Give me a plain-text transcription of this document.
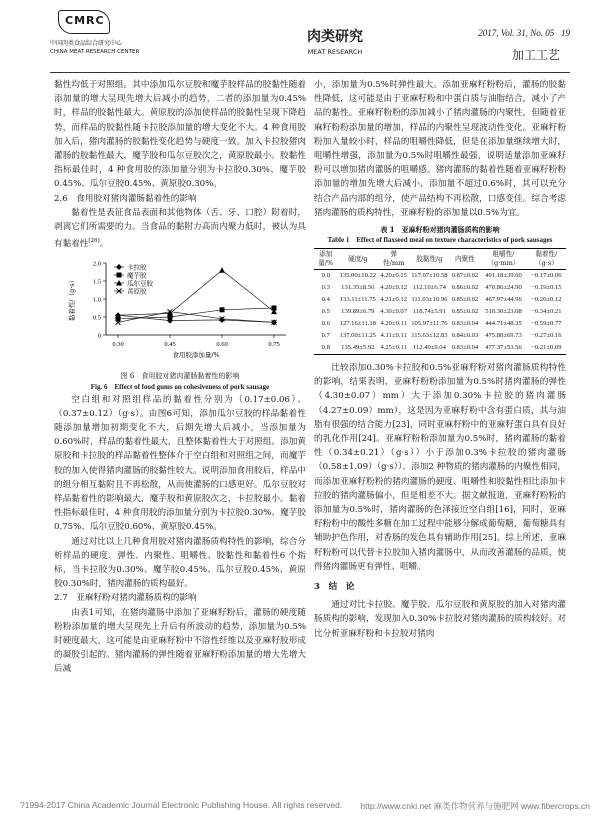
CMRC
中国肉类食品综合研究中心
CHINA MEAT RESEARCH CENTER
肉类研究
MEAT RESEARCH
2017, Vol. 31, No. 05 19
加工工艺

黏性均低于对照组。其中添加瓜尔豆胶和魔芋胶样品的胶黏性随着添加量的增大呈现先增大后减小的趋势，二者的添加量为0.45%时，样品的胶黏性最大。黄原胶的添加使样品的胶黏性呈现下降趋势，而样品的胶黏性随卡拉胶添加量的增大变化不大。4 种食用胶加入后，猪肉灌肠的胶黏性变化趋势与硬度一致。加入卡拉胶猪肉灌肠的胶黏性最大，魔芋胶和瓜尔豆胶次之，黄原胶最小。胶黏性指标最佳时，4 种食用胶的添加量分别为卡拉胶0.30%、魔芋胶0.45%、瓜尔豆胶0.45%、黄原胶0.30%。

2.6　食用胶对猪肉灌肠黏着性的影响

黏着性是表征食品表面和其他物体（舌、牙、口腔）附着时，剥离它们所需要的力。当食品的黏附力高而内聚力低时，被认为具有黏着性[26]。

0
0.5
1.0
1.5
2.0
0.30	0.45	0.60	0.75
食用胶添加量/%
黏着性/（g·s）
卡拉胶
魔芋胶
瓜尔豆胶
黄原胶

图 6　食用胶对猪肉灌肠黏着性的影响

Fig. 6　Effect of food gums on cohesiveness of pork sausage

空白组和对照组样品的黏着性分别为（0.17±0.06）、（0.37±0.12）（g·s）。由图6可知，添加瓜尔豆胶的样品黏着性随添加量增加初期变化不大，后期先增大后减小，当添加量为0.60%时，样品的黏着性最大，且整体黏着性大于对照组。添加黄原胶和卡拉胶的样品黏着性整体介于空白组和对照组之间，而魔芋胶的加入使得猪肉灌肠的胶黏性较大。说明添加食用胶后，样品中的组分相互黏附且不再松散，从而使灌肠的口感更好。瓜尔豆胶对样品黏着性的影响最大，魔芋胶和黄原胶次之，卡拉胶最小。黏着性指标最佳时，4 种食用胶的添加量分别为卡拉胶0.30%、魔芋胶0.75%、瓜尔豆胶0.60%、黄原胶0.45%。

通过对比以上几种食用胶对猪肉灌肠质构特性的影响，综合分析样品的硬度、弹性、内聚性、咀嚼性、胶黏性和黏着性6 个指标，当卡拉胶为0.30%、魔芋胶0.45%、瓜尔豆胶0.45%、黄原胶0.30%时，猪肉灌肠的质构最好。

2.7　亚麻籽粉对猪肉灌肠质构的影响

由表1可知，在猪肉灌肠中添加了亚麻籽粉后，灌肠的硬度随粉粉添加量的增大呈现先上升后有所波动的趋势，添加量为0.5%时硬度最大，这可能是由亚麻籽粉中不溶性纤维以及亚麻籽胶形成的凝胶引起的。猪肉灌肠的弹性随着亚麻籽粉添加量的增大先增大后减

小，添加量为0.5%时弹性最大。添加亚麻籽粉粉后，灌肠的胶黏性降低，这可能是由于亚麻籽粉和中蛋白质与油脂结合，减小了产品的黏性。亚麻籽粉粉的添加减小了猪肉灌肠的内聚性，但随着亚麻籽粉粉添加量的增加，样品的内聚性呈现波动性变化。亚麻籽粉粉加入量较小时，样品的咀嚼性降低，但是在添加量继续增大时，咀嚼性增强，添加量为0.5%时咀嚼性最强，说明适量添加亚麻籽粉可以增加猪肉灌肠的咀嚼感。猪肉灌肠的黏着性随着亚麻籽粉粉添加量的增加先增大后减小，添加量不超过0.6%时，其可以充分结合产品内部的组分，使产品结构不再松散，口感变佳。综合考虑猪肉灌肠的质构特性，亚麻籽粉的添加量以0.5%为宜。

表 1　亚麻籽粉对猪肉灌肠质构的影响

Table 1　Effect of flaxseed meal on texture characteristics of pork sausages

添加量/%	硬度/g	弹性/mm	胶黏性/g	内聚性	咀嚼性/（g·mm）	黏着性/（g·s）
0.0	135.00±10.22	4.20±0.15	117.07±10.58	0.87±0.02	491.18±39.60	−0.17±0.06
0.3	131.35±8.56	4.20±0.12	112.10±6.74	0.86±0.02	470.86±24.90	−0.19±0.15
0.4	133.11±11.75	4.21±0.12	111.03±10.96	0.85±0.02	467.97±44.96	−0.26±0.12
0.5	139.89±6.79	4.30±0.07	118.74±5.91	0.85±0.02	510.30±23.08	−0.34±0.21
0.6	127.16±11.18	4.20±0.11	105.97±11.76	0.83±0.04	444.71±48.35	−0.59±0.77
0.7	137.00±11.25	4.11±0.11	115.63±12.83	0.84±0.03	475.80±69.73	−0.27±0.16
0.8	135.49±5.92	4.25±0.11	112.40±9.04	0.83±0.04	477.37±53.56	−0.21±0.09

比较添加0.30%卡拉胶和0.5%亚麻籽粉对猪肉灌肠质构特性的影响，结果表明，亚麻籽粉粉添加量为0.5%时猪肉灌肠的弹性（4.30±0.07）mm）大于添加0.30%卡拉胶的猪肉灌肠（4.27±0.09）mm），这是因为亚麻籽粉中含有蛋白质，其与油脂有很强的结合能力[23]，同时亚麻籽粉中的亚麻籽蛋白具有良好的乳化作用[24]。亚麻籽粉粉添加量为0.5%时，猪肉灌肠的黏着性（0.34±0.21）（g·s））小于添加0.3%卡拉胶的猪肉灌肠（0.58±1.09）（g·s））。添加2 种物质的猪肉灌肠的内聚性相同，而添加亚麻籽粉粉的猪肉灌肠的硬度、咀嚼性和胶黏性相比添加卡拉胶的猪肉灌肠偏小，但是相差不大。据文献报道，亚麻籽粉粉的添加量为0.5%时，猪肉灌肠的色泽接近空白组[16]，同时，亚麻籽粉粉中的酸性多糖在加工过程中能够分解成葡萄糖，葡萄糖具有辅助护色作用，对香肠的发色具有辅助作用[25]。综上所述，亚麻籽粉粉可以代替卡拉胶加入猪肉灌肠中，从而改善灌肠的品质，使得猪肉灌肠更有弹性、咀嚼。

3　结　论

通过对比卡拉胶、魔芋胶、瓜尔豆胶和黄原胶的加入对猪肉灌肠质构的影响，发现加入0.30%卡拉胶对猪肉灌肠的质构较好。对比分析亚麻籽粉和卡拉胶对猪肉

?1994-2017 China Academic Journal Electronic Publishing House. All rights reserved. http://www.cnki.net 麻类作物营养与施肥网 www.fibercrops.cn
